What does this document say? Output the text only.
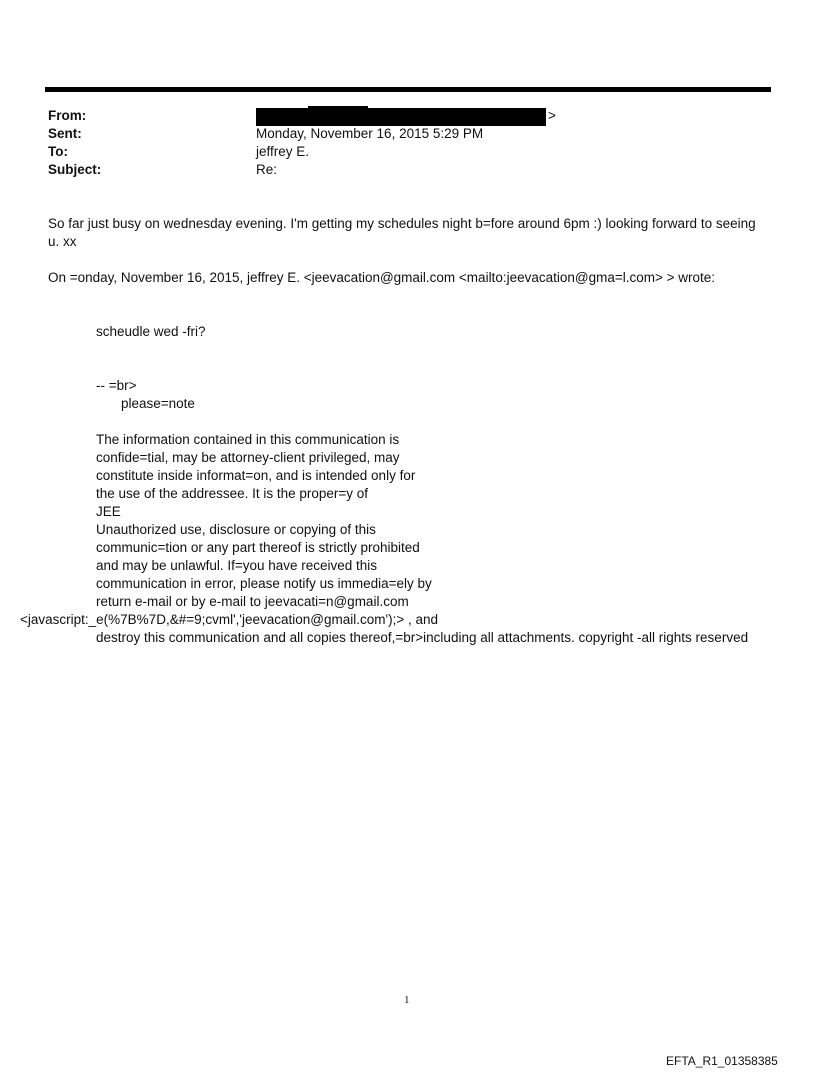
From:	>
Sent:	Monday, November 16, 2015 5:29 PM
To:	jeffrey E.
Subject:	Re:
So far just busy on wednesday evening. I'm getting my schedules night b=fore around 6pm :) looking forward to seeing
u. xx
On =onday, November 16, 2015, jeffrey E. <jeevacation@gmail.com <mailto:jeevacation@gma=l.com> > wrote:
scheudle wed -fri?
-- =br>
please=note
The information contained in this communication is
confide=tial, may be attorney-client privileged, may
constitute inside informat=on, and is intended only for
the use of the addressee. It is the proper=y of
JEE
Unauthorized use, disclosure or copying of this
communic=tion or any part thereof is strictly prohibited
and may be unlawful. If=you have received this
communication in error, please notify us immedia=ely by
return e-mail or by e-mail to jeevacati=n@gmail.com
<javascript:_e(%7B%7D,&#=9;cvml','jeevacation@gmail.com');> , and
destroy this communication and all copies thereof,=br>including all attachments. copyright -all rights reserved
1
EFTA_R1_01358385
